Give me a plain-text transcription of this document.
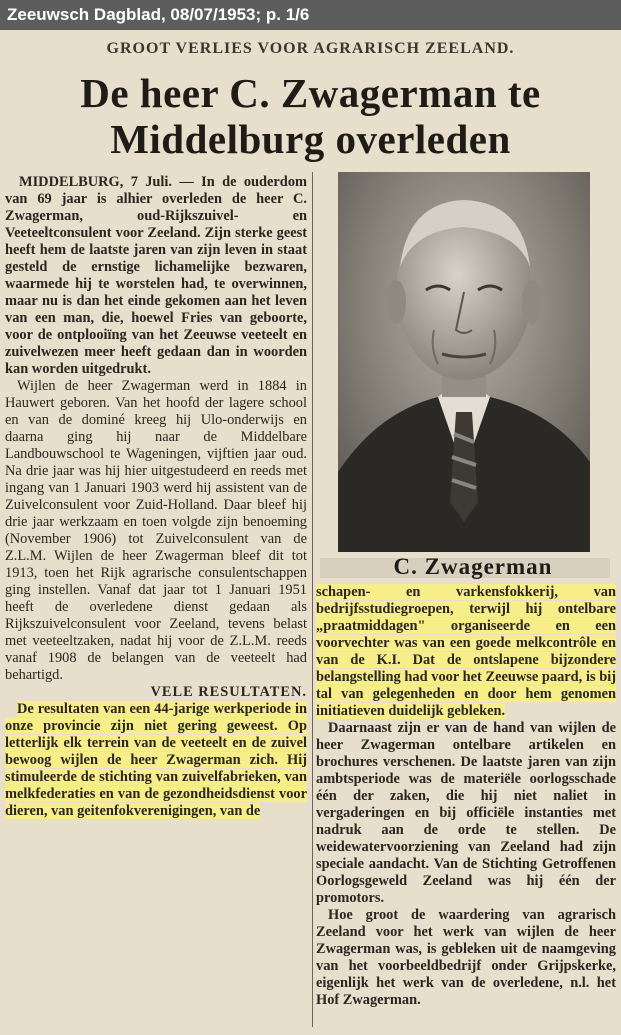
Zeeuwsch Dagblad, 08/07/1953; p. 1/6
GROOT VERLIES VOOR AGRARISCH ZEELAND.
De heer C. Zwagerman te
Middelburg overleden

MIDDELBURG, 7 Juli. — In de ouderdom van 69 jaar is alhier overleden de heer C. Zwagerman, oud-Rijkszuivel- en Veeteeltconsulent voor Zeeland. Zijn sterke geest heeft hem de laatste jaren van zijn leven in staat gesteld de ernstige lichamelijke bezwaren, waarmede hij te worstelen had, te overwinnen, maar nu is dan het einde gekomen aan het leven van een man, die, hoewel Fries van geboorte, voor de ontplooiïng van het Zeeuwse veeteelt en zuivelwezen meer heeft gedaan dan in woorden kan worden uitgedrukt.

Wijlen de heer Zwagerman werd in 1884 in Hauwert geboren. Van het hoofd der lagere school en van de dominé kreeg hij Ulo-onderwijs en daarna ging hij naar de Middelbare Landbouwschool te Wageningen, vijftien jaar oud. Na drie jaar was hij hier uitgestudeerd en reeds met ingang van 1 Januari 1903 werd hij assistent van de Zuivelconsulent voor Zuid-Holland. Daar bleef hij drie jaar werkzaam en toen volgde zijn benoeming (November 1906) tot Zuivelconsulent van de Z.L.M. Wijlen de heer Zwagerman bleef dit tot 1913, toen het Rijk agrarische consulentschappen ging instellen. Vanaf dat jaar tot 1 Januari 1951 heeft de overledene dienst gedaan als Rijkszuivelconsulent voor Zeeland, tevens belast met veeteeltzaken, nadat hij voor de Z.L.M. reeds vanaf 1908 de belangen van de veeteelt had behartigd.

VELE RESULTATEN.

De resultaten van een 44-jarige werkperiode in onze provincie zijn niet gering geweest. Op letterlijk elk terrein van de veeteelt en de zuivel bewoog wijlen de heer Zwagerman zich. Hij stimuleerde de stichting van zuivelfabrieken, van melkfederaties en van de gezondheidsdienst voor dieren, van geitenfokverenigingen, van de

C. Zwagerman

schapen- en varkensfokkerij, van bedrijfsstudiegroepen, terwijl hij ontelbare „praatmiddagen" organiseerde en een voorvechter was van een goede melkcontrôle en van de K.I. Dat de ontslapene bijzondere belangstelling had voor het Zeeuwse paard, is bij tal van gelegenheden en door hem genomen initiatieven duidelijk gebleken.

Daarnaast zijn er van de hand van wijlen de heer Zwagerman ontelbare artikelen en brochures verschenen. De laatste jaren van zijn ambtsperiode was de materiële oorlogsschade één der zaken, die hij niet naliet in vergaderingen en bij officiële instanties met nadruk aan de orde te stellen. De weidewatervoorziening van Zeeland had zijn speciale aandacht. Van de Stichting Getroffenen Oorlogsgeweld Zeeland was hij één der promotors.

Hoe groot de waardering van agrarisch Zeeland voor het werk van wijlen de heer Zwagerman was, is gebleken uit de naamgeving van het voorbeeldbedrijf onder Grijpskerke, eigenlijk het werk van de overledene, n.l. het Hof Zwagerman.
